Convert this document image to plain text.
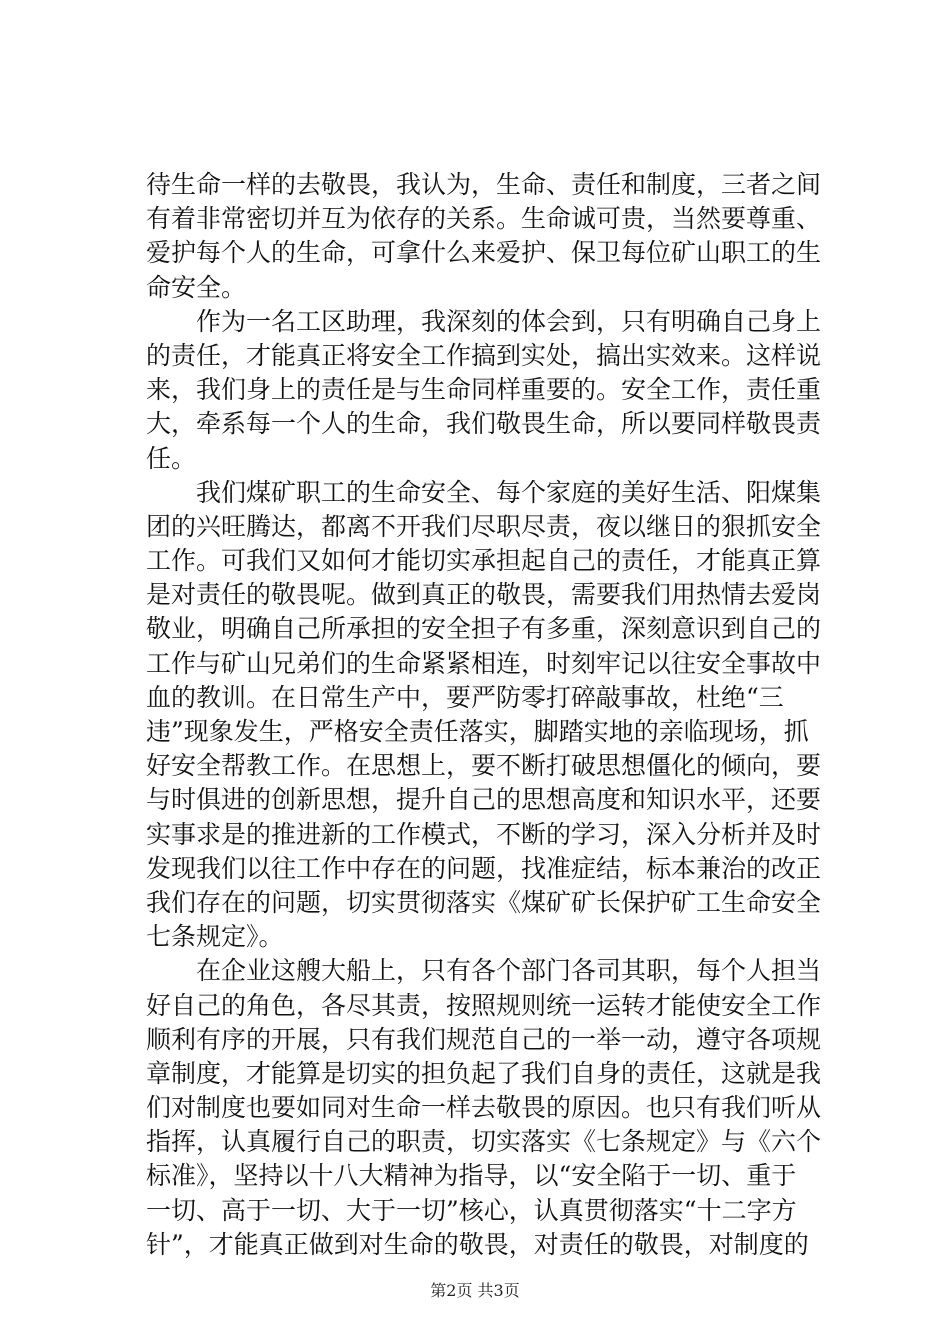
待生命一样的去敬畏，我认为，生命、责任和制度，三者之间
有着非常密切并互为依存的关系。生命诚可贵，当然要尊重、
爱护每个人的生命，可拿什么来爱护、保卫每位矿山职工的生
命安全。
　　作为一名工区助理，我深刻的体会到，只有明确自己身上
的责任，才能真正将安全工作搞到实处，搞出实效来。这样说
来，我们身上的责任是与生命同样重要的。安全工作，责任重
大，牵系每一个人的生命，我们敬畏生命，所以要同样敬畏责
任。
　　我们煤矿职工的生命安全、每个家庭的美好生活、阳煤集
团的兴旺腾达，都离不开我们尽职尽责，夜以继日的狠抓安全
工作。可我们又如何才能切实承担起自己的责任，才能真正算
是对责任的敬畏呢。做到真正的敬畏，需要我们用热情去爱岗
敬业，明确自己所承担的安全担子有多重，深刻意识到自己的
工作与矿山兄弟们的生命紧紧相连，时刻牢记以往安全事故中
血的教训。在日常生产中，要严防零打碎敲事故，杜绝“三
违”现象发生，严格安全责任落实，脚踏实地的亲临现场，抓
好安全帮教工作。在思想上，要不断打破思想僵化的倾向，要
与时俱进的创新思想，提升自己的思想高度和知识水平，还要
实事求是的推进新的工作模式，不断的学习，深入分析并及时
发现我们以往工作中存在的问题，找准症结，标本兼治的改正
我们存在的问题，切实贯彻落实《煤矿矿长保护矿工生命安全
七条规定》。
　　在企业这艘大船上，只有各个部门各司其职，每个人担当
好自己的角色，各尽其责，按照规则统一运转才能使安全工作
顺利有序的开展，只有我们规范自己的一举一动，遵守各项规
章制度，才能算是切实的担负起了我们自身的责任，这就是我
们对制度也要如同对生命一样去敬畏的原因。也只有我们听从
指挥，认真履行自己的职责，切实落实《七条规定》与《六个
标准》，坚持以十八大精神为指导，以“安全陷于一切、重于
一切、高于一切、大于一切”核心，认真贯彻落实“十二字方
针”，才能真正做到对生命的敬畏，对责任的敬畏，对制度的
第2页 共3页
